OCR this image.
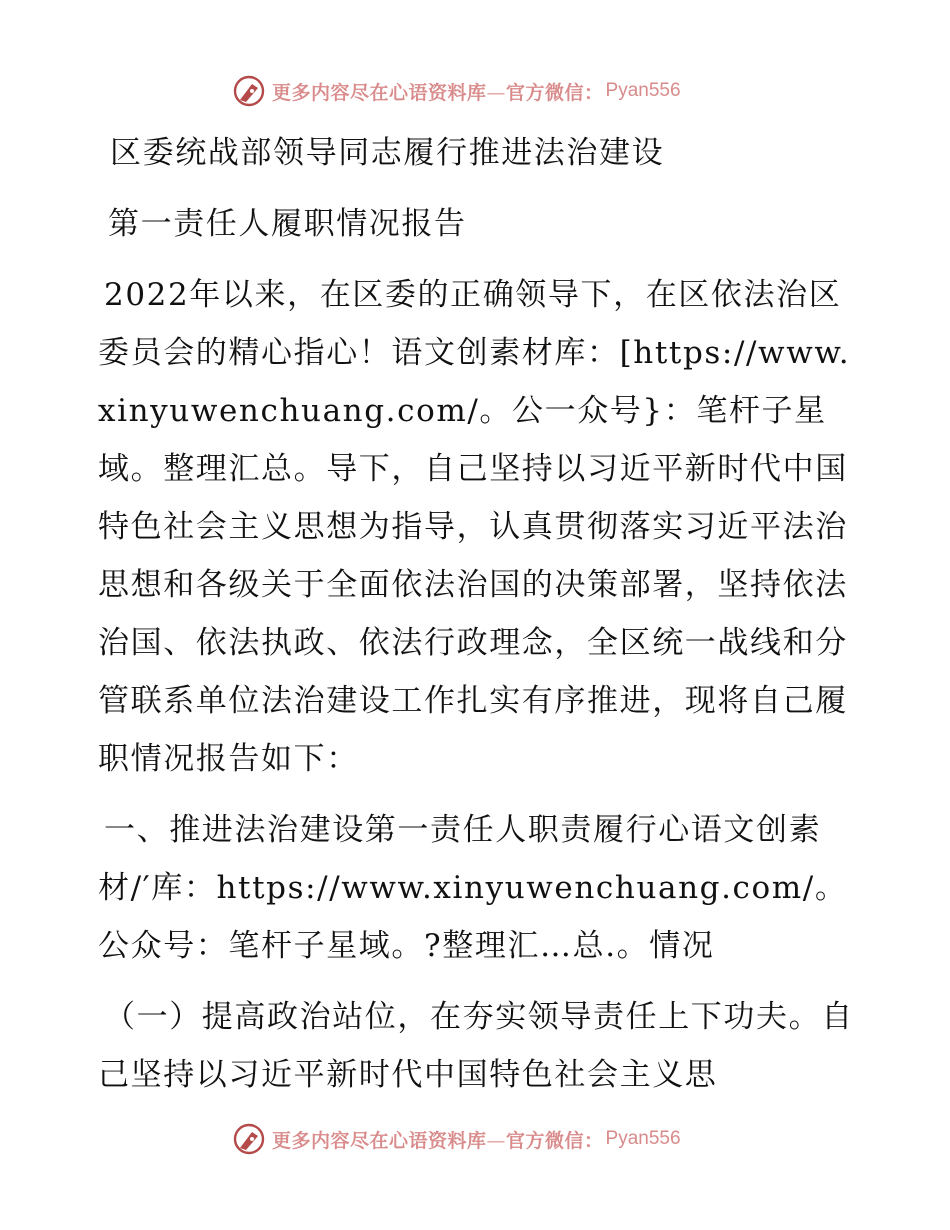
更多内容尽在心语资料库—官方微信： Pyan556

区委统战部领导同志履行推进法治建设

第一责任人履职情况报告

2022年以来，在区委的正确领导下，在区依法治区委员会的精心指心！语文创素材库：[https://www.xinyuwenchuang.com/。公一众号}：笔杆子星域。整理汇总。导下，自己坚持以习近平新时代中国特色社会主义思想为指导，认真贯彻落实习近平法治思想和各级关于全面依法治国的决策部署，坚持依法治国、依法执政、依法行政理念，全区统一战线和分管联系单位法治建设工作扎实有序推进，现将自己履职情况报告如下：

一、推进法治建设第一责任人职责履行心语文创素材/′库：https://www.xinyuwenchuang.com/。公众号：笔杆子星域。?整理汇…总.。情况

（一）提高政治站位，在夯实领导责任上下功夫。自己坚持以习近平新时代中国特色社会主义思

更多内容尽在心语资料库—官方微信： Pyan556
